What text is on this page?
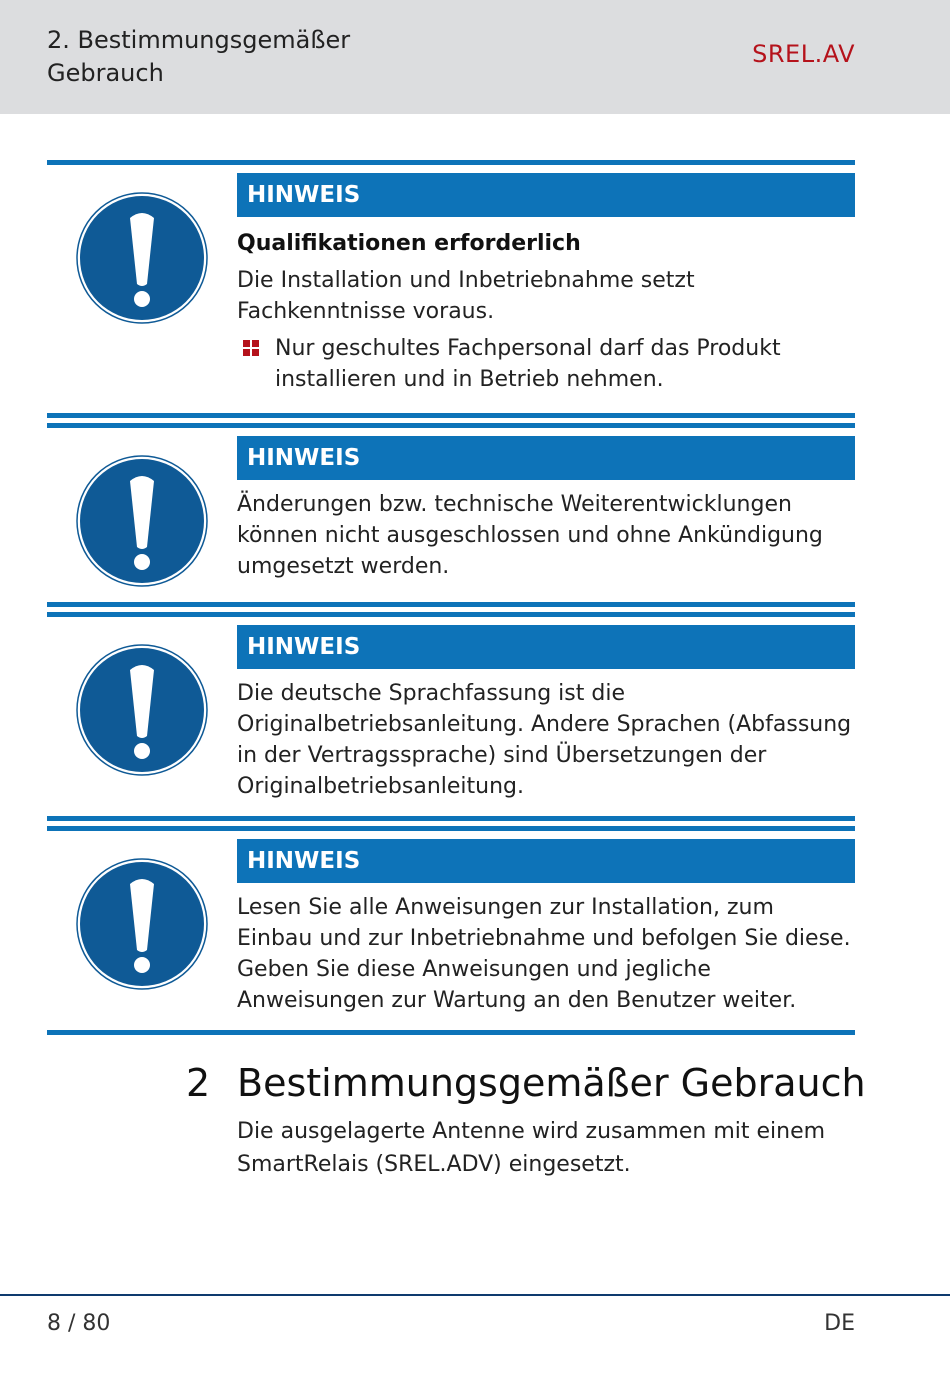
2. Bestimmungsgemäßer Gebrauch
SREL.AV
HINWEIS
Qualifikationen erforderlich
Die Installation und Inbetriebnahme setzt Fachkenntnisse voraus.
Nur geschultes Fachpersonal darf das Produkt installieren und in Betrieb nehmen.
HINWEIS
Änderungen bzw. technische Weiterentwicklungen können nicht ausgeschlossen und ohne Ankündigung umgesetzt werden.
HINWEIS
Die deutsche Sprachfassung ist die Originalbetriebsanleitung. Andere Sprachen (Abfassung in der Vertragssprache) sind Übersetzungen der Originalbetriebsanleitung.
HINWEIS
Lesen Sie alle Anweisungen zur Installation, zum Einbau und zur Inbetriebnahme und befolgen Sie diese. Geben Sie diese Anweisungen und jegliche Anweisungen zur Wartung an den Benutzer weiter.
2 Bestimmungsgemäßer Gebrauch
Die ausgelagerte Antenne wird zusammen mit einem SmartRelais (SREL.ADV) eingesetzt.
8 / 80	DE
